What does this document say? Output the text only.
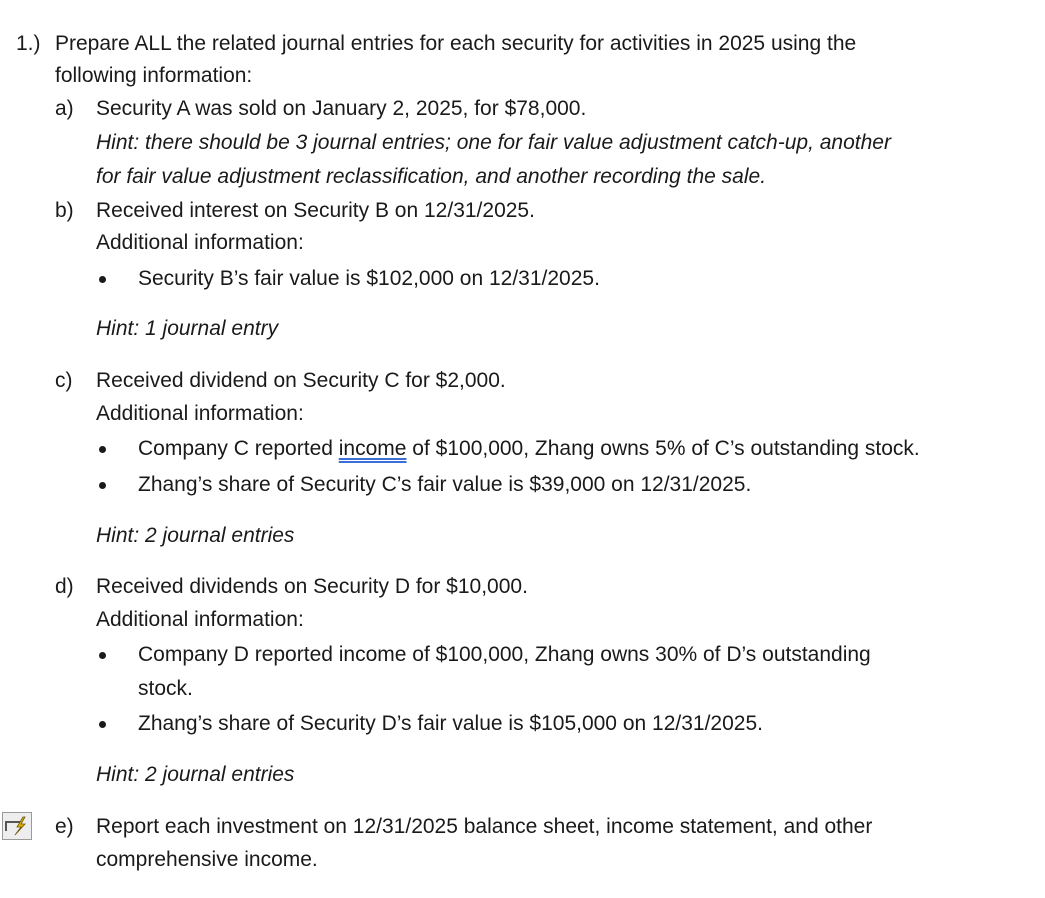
1.) Prepare ALL the related journal entries for each security for activities in 2025 using the
following information:
a) Security A was sold on January 2, 2025, for $78,000.
Hint: there should be 3 journal entries; one for fair value adjustment catch-up, another
for fair value adjustment reclassification, and another recording the sale.
b) Received interest on Security B on 12/31/2025.
Additional information:
Security B’s fair value is $102,000 on 12/31/2025.
Hint: 1 journal entry
c) Received dividend on Security C for $2,000.
Additional information:
Company C reported income of $100,000, Zhang owns 5% of C’s outstanding stock.
Zhang’s share of Security C’s fair value is $39,000 on 12/31/2025.
Hint: 2 journal entries
d) Received dividends on Security D for $10,000.
Additional information:
Company D reported income of $100,000, Zhang owns 30% of D’s outstanding
stock.
Zhang’s share of Security D’s fair value is $105,000 on 12/31/2025.
Hint: 2 journal entries
e) Report each investment on 12/31/2025 balance sheet, income statement, and other
comprehensive income.
